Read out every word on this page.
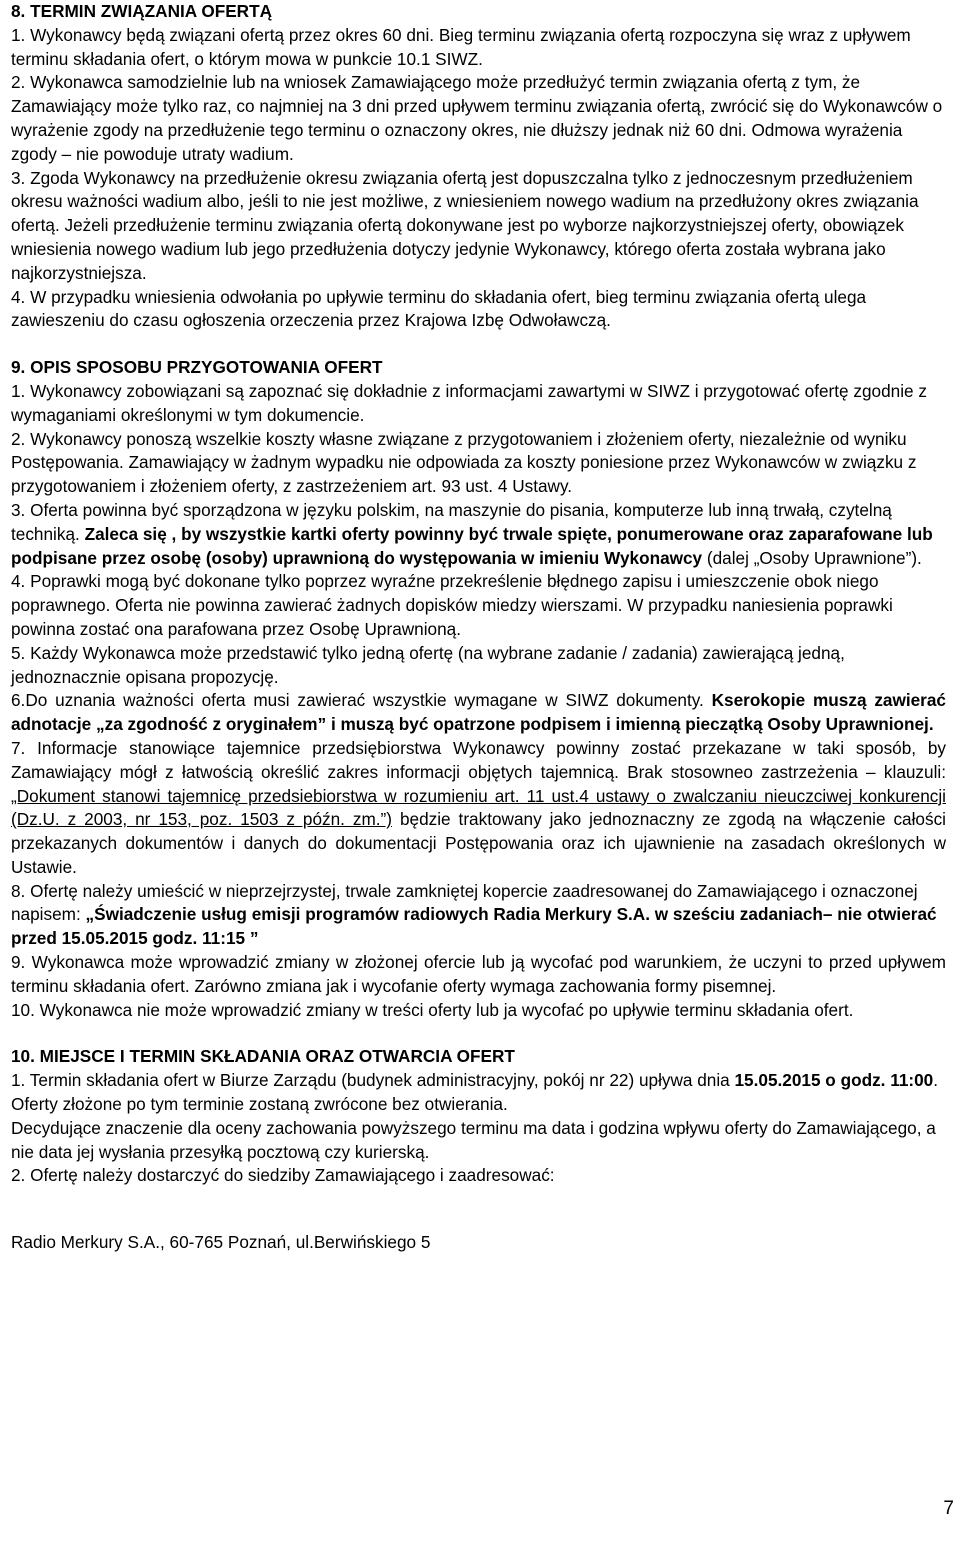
8. TERMIN ZWIĄZANIA OFERTĄ

1. Wykonawcy będą związani ofertą przez okres 60 dni. Bieg terminu związania ofertą rozpoczyna się wraz z upływem terminu składania ofert, o którym mowa w punkcie 10.1 SIWZ.

2. Wykonawca samodzielnie lub na wniosek Zamawiającego może przedłużyć termin związania ofertą z tym, że Zamawiający może tylko raz, co najmniej na 3 dni przed upływem terminu związania ofertą, zwrócić się do Wykonawców o wyrażenie zgody na przedłużenie tego terminu o oznaczony okres, nie dłuższy jednak niż 60 dni. Odmowa wyrażenia zgody – nie powoduje utraty wadium.

3. Zgoda Wykonawcy na przedłużenie okresu związania ofertą jest dopuszczalna tylko z jednoczesnym przedłużeniem okresu ważności wadium albo, jeśli to nie jest możliwe, z wniesieniem nowego wadium na przedłużony okres związania ofertą. Jeżeli przedłużenie terminu związania ofertą dokonywane jest po wyborze najkorzystniejszej oferty, obowiązek wniesienia nowego wadium lub jego przedłużenia dotyczy jedynie Wykonawcy, którego oferta została wybrana jako najkorzystniejsza.

4. W przypadku wniesienia odwołania po upływie terminu do składania ofert, bieg terminu związania ofertą ulega zawieszeniu do czasu ogłoszenia orzeczenia przez Krajowa Izbę Odwoławczą.

9. OPIS SPOSOBU PRZYGOTOWANIA OFERT

1. Wykonawcy zobowiązani są zapoznać się dokładnie z informacjami zawartymi w SIWZ i przygotować ofertę zgodnie z wymaganiami określonymi w tym dokumencie.

2. Wykonawcy ponoszą wszelkie koszty własne związane z przygotowaniem i złożeniem oferty, niezależnie od wyniku Postępowania. Zamawiający w żadnym wypadku nie odpowiada za koszty poniesione przez Wykonawców w związku z przygotowaniem i złożeniem oferty, z zastrzeżeniem art. 93 ust. 4 Ustawy.

3. Oferta powinna być sporządzona w języku polskim, na maszynie do pisania, komputerze lub inną trwałą, czytelną techniką. Zaleca się , by wszystkie kartki oferty powinny być trwale spięte, ponumerowane oraz zaparafowane lub podpisane przez osobę (osoby) uprawnioną do występowania w imieniu Wykonawcy (dalej „Osoby Uprawnione”).

4. Poprawki mogą być dokonane tylko poprzez wyraźne przekreślenie błędnego zapisu i umieszczenie obok niego poprawnego. Oferta nie powinna zawierać żadnych dopisków miedzy wierszami. W przypadku naniesienia poprawki powinna zostać ona parafowana przez Osobę Uprawnioną.

5. Każdy Wykonawca może przedstawić tylko jedną ofertę (na wybrane zadanie / zadania) zawierającą jedną, jednoznacznie opisana propozycję.

6.Do uznania ważności oferta musi zawierać wszystkie wymagane w SIWZ dokumenty. Kserokopie muszą zawierać adnotacje „za zgodność z oryginałem” i muszą być opatrzone podpisem i imienną pieczątką Osoby Uprawnionej.

7. Informacje stanowiące tajemnice przedsiębiorstwa Wykonawcy powinny zostać przekazane w taki sposób, by Zamawiający mógł z łatwością określić zakres informacji objętych tajemnicą. Brak stosowneo zastrzeżenia – klauzuli: „Dokument stanowi tajemnicę przedsiebiorstwa w rozumieniu art. 11 ust.4 ustawy o zwalczaniu nieuczciwej konkurencji (Dz.U. z 2003, nr 153, poz. 1503 z późn. zm.”) będzie traktowany jako jednoznaczny ze zgodą na włączenie całości przekazanych dokumentów i danych do dokumentacji Postępowania oraz ich ujawnienie na zasadach określonych w Ustawie.

8. Ofertę należy umieścić w nieprzejrzystej, trwale zamkniętej kopercie zaadresowanej do Zamawiającego i oznaczonej napisem: „Świadczenie usług emisji programów radiowych Radia Merkury S.A. w sześciu zadaniach– nie otwierać przed 15.05.2015 godz. 11:15 ”

9. Wykonawca może wprowadzić zmiany w złożonej ofercie lub ją wycofać pod warunkiem, że uczyni to przed upływem terminu składania ofert. Zarówno zmiana jak i wycofanie oferty wymaga zachowania formy pisemnej.

10. Wykonawca nie może wprowadzić zmiany w treści oferty lub ja wycofać po upływie terminu składania ofert.

10. MIEJSCE I TERMIN SKŁADANIA ORAZ OTWARCIA OFERT

1. Termin składania ofert w Biurze Zarządu (budynek administracyjny, pokój nr 22) upływa dnia 15.05.2015 o godz. 11:00. Oferty złożone po tym terminie zostaną zwrócone bez otwierania.

Decydujące znaczenie dla oceny zachowania powyższego terminu ma data i godzina wpływu oferty do Zamawiającego, a nie data jej wysłania przesyłką pocztową czy kurierską.

2. Ofertę należy dostarczyć do siedziby Zamawiającego i zaadresować:

Radio Merkury S.A., 60-765 Poznań, ul.Berwińskiego 5

7
